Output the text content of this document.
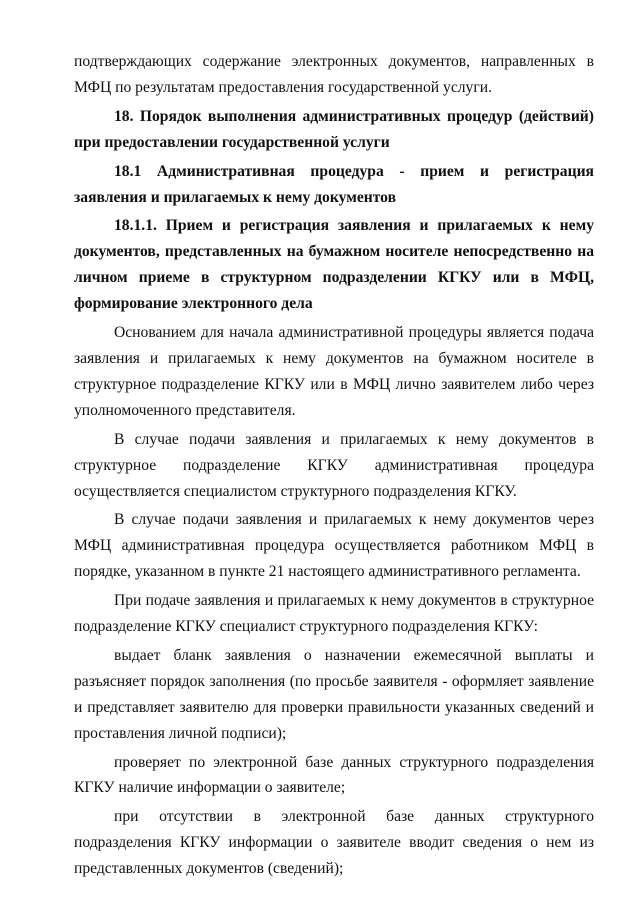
подтверждающих содержание электронных документов, направленных в МФЦ по результатам предоставления государственной услуги.

18. Порядок выполнения административных процедур (действий) при предоставлении государственной услуги

18.1 Административная процедура - прием и регистрация заявления и прилагаемых к нему документов

18.1.1. Прием и регистрация заявления и прилагаемых к нему документов, представленных на бумажном носителе непосредственно на личном приеме в структурном подразделении КГКУ или в МФЦ, формирование электронного дела

Основанием для начала административной процедуры является подача заявления и прилагаемых к нему документов на бумажном носителе в структурное подразделение КГКУ или в МФЦ лично заявителем либо через уполномоченного представителя.

В случае подачи заявления и прилагаемых к нему документов в структурное подразделение КГКУ административная процедура осуществляется специалистом структурного подразделения КГКУ.

В случае подачи заявления и прилагаемых к нему документов через МФЦ административная процедура осуществляется работником МФЦ в порядке, указанном в пункте 21 настоящего административного регламента.

При подаче заявления и прилагаемых к нему документов в структурное подразделение КГКУ специалист структурного подразделения КГКУ:

выдает бланк заявления о назначении ежемесячной выплаты и разъясняет порядок заполнения (по просьбе заявителя - оформляет заявление и представляет заявителю для проверки правильности указанных сведений и проставления личной подписи);

проверяет по электронной базе данных структурного подразделения КГКУ наличие информации о заявителе;

при отсутствии в электронной базе данных структурного подразделения КГКУ информации о заявителе вводит сведения о нем из представленных документов (сведений);
